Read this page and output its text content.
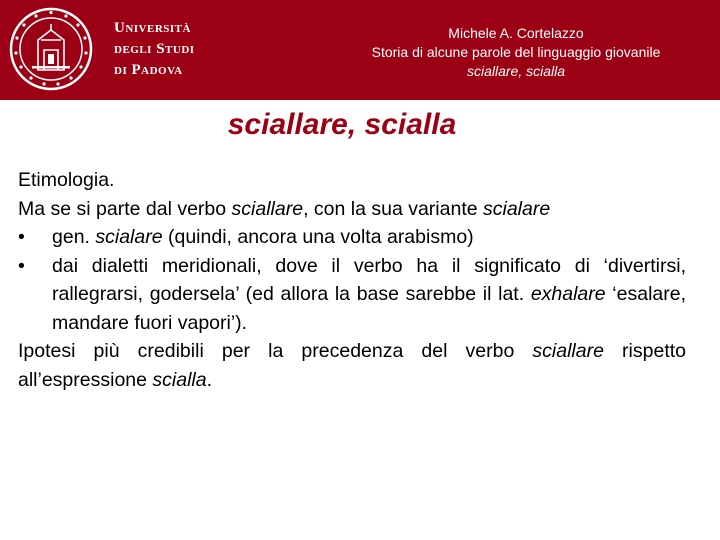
Università
degli Studi
di Padova
Michele A. Cortelazzo
Storia di alcune parole del linguaggio giovanile
sciallare, scialla
sciallare, scialla

Etimologia.

Ma se si parte dal verbo sciallare, con la sua variante scialare

•	gen. scialare (quindi, ancora una volta arabismo)
•	dai dialetti meridionali, dove il verbo ha il significato di ‘divertirsi, rallegrarsi, godersela’ (ed allora la base sarebbe il lat. exhalare ‘esalare, mandare fuori vapori’).

Ipotesi più credibili per la precedenza del verbo sciallare rispetto all’espressione scialla.
